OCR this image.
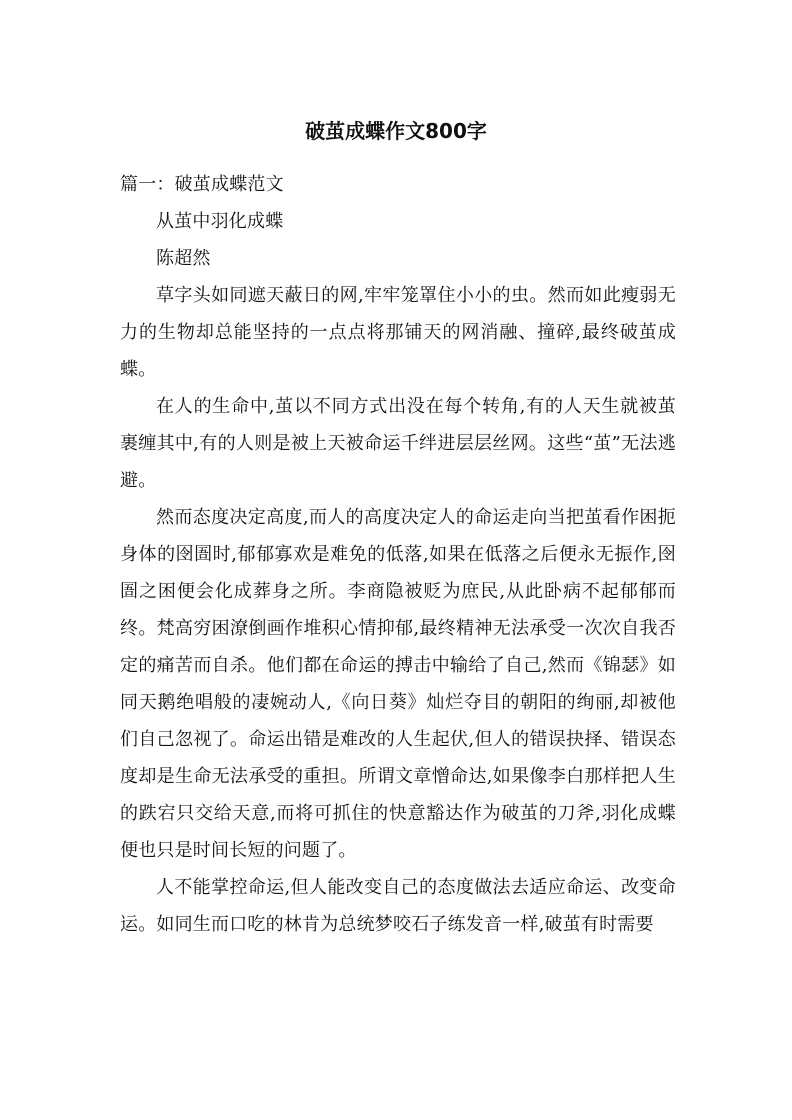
破茧成蝶作文800字

篇一：破茧成蝶范文

从茧中羽化成蝶

陈超然

草字头如同遮天蔽日的网,牢牢笼罩住小小的虫。然而如此瘦弱无力的生物却总能坚持的一点点将那铺天的网消融、撞碎,最终破茧成蝶。

在人的生命中,茧以不同方式出没在每个转角,有的人天生就被茧裹缠其中,有的人则是被上天被命运千绊进层层丝网。这些“茧”无法逃避。

然而态度决定高度,而人的高度决定人的命运走向当把茧看作困扼身体的囹圄时,郁郁寡欢是难免的低落,如果在低落之后便永无振作,囹圄之困便会化成葬身之所。李商隐被贬为庶民,从此卧病不起郁郁而终。梵高穷困潦倒画作堆积心情抑郁,最终精神无法承受一次次自我否定的痛苦而自杀。他们都在命运的搏击中输给了自己,然而《锦瑟》如同天鹅绝唱般的凄婉动人,《向日葵》灿烂夺目的朝阳的绚丽,却被他们自己忽视了。命运出错是难改的人生起伏,但人的错误抉择、错误态度却是生命无法承受的重担。所谓文章憎命达,如果像李白那样把人生的跌宕只交给天意,而将可抓住的快意豁达作为破茧的刀斧,羽化成蝶便也只是时间长短的问题了。

人不能掌控命运,但人能改变自己的态度做法去适应命运、改变命运。如同生而口吃的林肯为总统梦咬石子练发音一样,破茧有时需要
